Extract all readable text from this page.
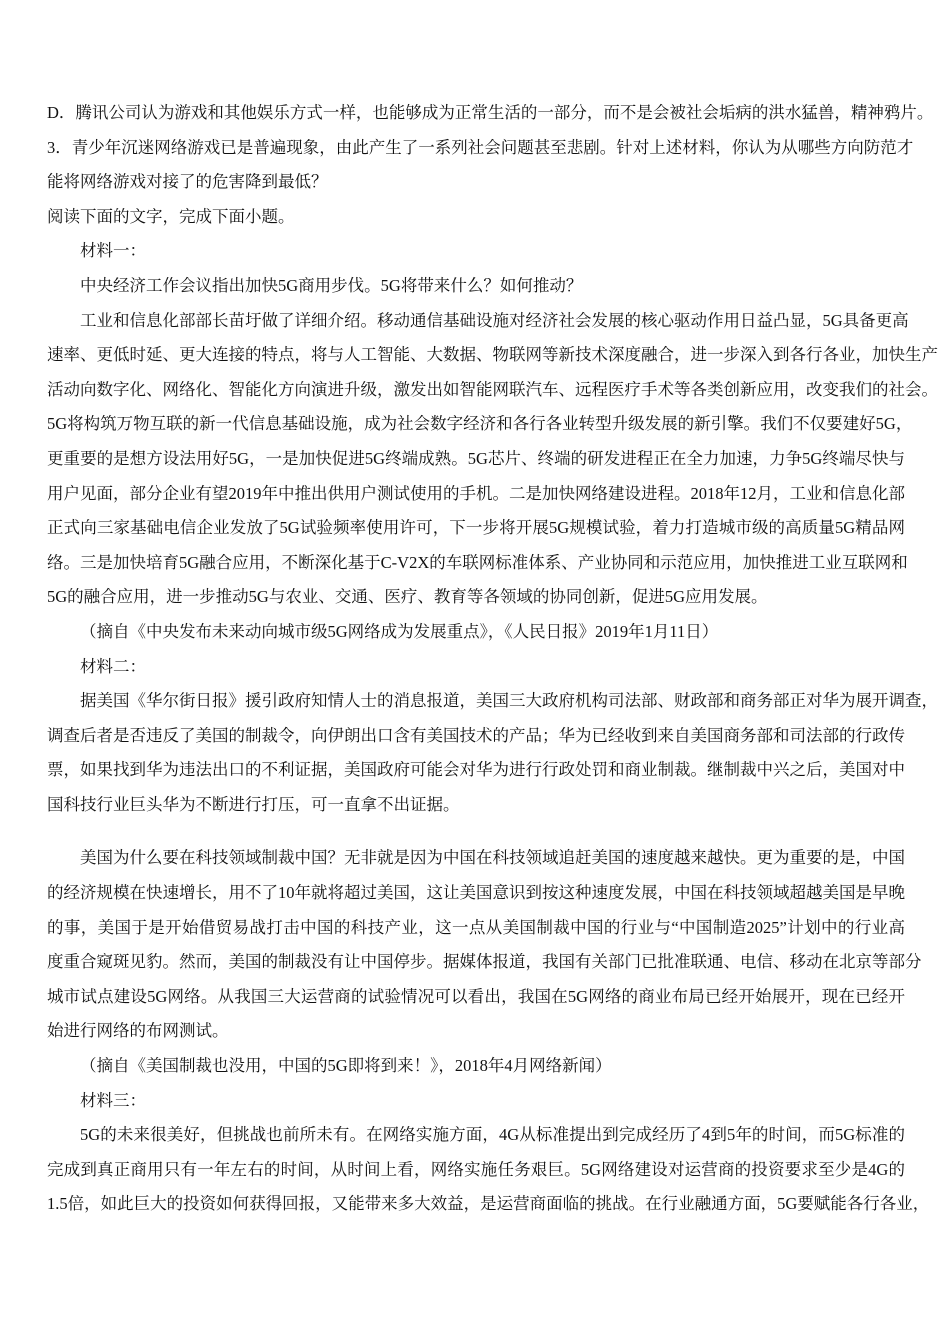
D．腾讯公司认为游戏和其他娱乐方式一样，也能够成为正常生活的一部分，而不是会被社会垢病的洪水猛兽，精神鸦片。
3．青少年沉迷网络游戏已是普遍现象，由此产生了一系列社会问题甚至悲剧。针对上述材料，你认为从哪些方向防范才
能将网络游戏对接了的危害降到最低？
阅读下面的文字，完成下面小题。
材料一：
中央经济工作会议指出加快5G商用步伐。5G将带来什么？如何推动？
工业和信息化部部长苗圩做了详细介绍。移动通信基础设施对经济社会发展的核心驱动作用日益凸显，5G具备更高
速率、更低时延、更大连接的特点，将与人工智能、大数据、物联网等新技术深度融合，进一步深入到各行各业，加快生产
活动向数字化、网络化、智能化方向演进升级，激发出如智能网联汽车、远程医疗手术等各类创新应用，改变我们的社会。
5G将构筑万物互联的新一代信息基础设施，成为社会数字经济和各行各业转型升级发展的新引擎。我们不仅要建好5G，
更重要的是想方设法用好5G，一是加快促进5G终端成熟。5G芯片、终端的研发进程正在全力加速，力争5G终端尽快与
用户见面，部分企业有望2019年中推出供用户测试使用的手机。二是加快网络建设进程。2018年12月，工业和信息化部
正式向三家基础电信企业发放了5G试验频率使用许可，下一步将开展5G规模试验，着力打造城市级的高质量5G精品网
络。三是加快培育5G融合应用，不断深化基于C-V2X的车联网标准体系、产业协同和示范应用，加快推进工业互联网和
5G的融合应用，进一步推动5G与农业、交通、医疗、教育等各领域的协同创新，促进5G应用发展。
（摘自《中央发布未来动向城市级5G网络成为发展重点》，《人民日报》2019年1月11日）
材料二：
据美国《华尔街日报》援引政府知情人士的消息报道，美国三大政府机构司法部、财政部和商务部正对华为展开调查，
调查后者是否违反了美国的制裁令，向伊朗出口含有美国技术的产品；华为已经收到来自美国商务部和司法部的行政传
票，如果找到华为违法出口的不利证据，美国政府可能会对华为进行行政处罚和商业制裁。继制裁中兴之后，美国对中
国科技行业巨头华为不断进行打压，可一直拿不出证据。
美国为什么要在科技领域制裁中国？无非就是因为中国在科技领域追赶美国的速度越来越快。更为重要的是，中国
的经济规模在快速增长，用不了10年就将超过美国，这让美国意识到按这种速度发展，中国在科技领域超越美国是早晚
的事，美国于是开始借贸易战打击中国的科技产业，这一点从美国制裁中国的行业与“中国制造2025”计划中的行业高
度重合窥斑见豹。然而，美国的制裁没有让中国停步。据媒体报道，我国有关部门已批准联通、电信、移动在北京等部分
城市试点建设5G网络。从我国三大运营商的试验情况可以看出，我国在5G网络的商业布局已经开始展开，现在已经开
始进行网络的布网测试。
（摘自《美国制裁也没用，中国的5G即将到来！》，2018年4月网络新闻）
材料三：
5G的未来很美好，但挑战也前所未有。在网络实施方面，4G从标准提出到完成经历了4到5年的时间，而5G标准的
完成到真正商用只有一年左右的时间，从时间上看，网络实施任务艰巨。5G网络建设对运营商的投资要求至少是4G的
1.5倍，如此巨大的投资如何获得回报，又能带来多大效益，是运营商面临的挑战。在行业融通方面，5G要赋能各行各业，
